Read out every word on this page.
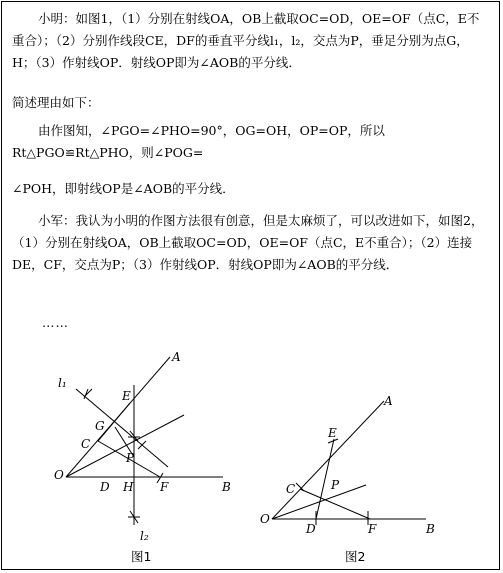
小明：如图1，（1）分别在射线OA，OB上截取OC=OD，OE=OF（点C，E不重合）；（2）分别作线段CE，DF的垂直平分线l₁，l₂，交点为P，垂足分别为点G，H；（3）作射线OP．射线OP即为∠AOB的平分线．
简述理由如下：
由作图知，∠PGO=∠PHO=90°，OG=OH，OP=OP，所以Rt△PGO≌Rt△PHO，则∠POG=
∠POH，即射线OP是∠AOB的平分线．
小军：我认为小明的作图方法很有创意，但是太麻烦了，可以改进如下，如图2，（1）分别在射线OA，OB上截取OC=OD，OE=OF（点C，E不重合）；（2）连接DE，CF，交点为P；（3）作射线OP．射线OP即为∠AOB的平分线．
……
A
B
O
C
D
E
F
G
H
P
l₁
l₂
图1
A
B
O
C
D
E
F
P
图2
